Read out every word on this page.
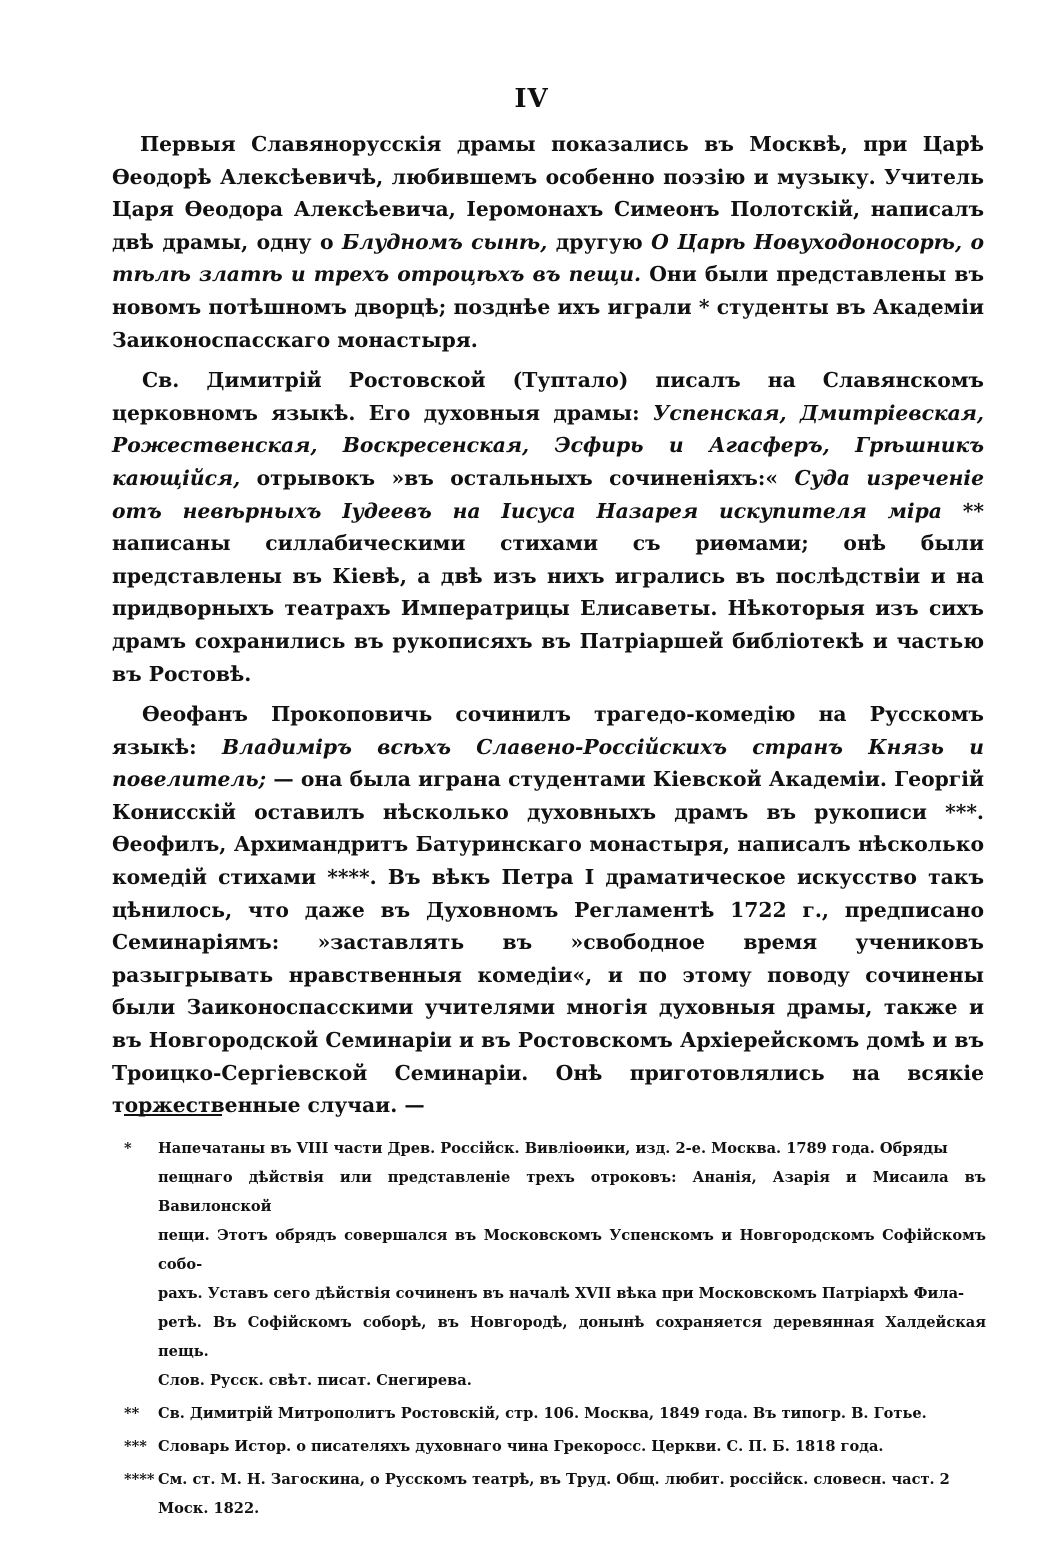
IV

Первыя Славянорусскія драмы показались въ Москвѣ, при Царѣ Ѳеодорѣ Алексѣевичѣ, любившемъ особенно поэзію и музыку. Учитель Царя Ѳеодора Алексѣевича, Іеромонахъ Симеонъ Полотскій, написалъ двѣ драмы, одну о Блудномъ сынѣ, другую О Царѣ Новуходоносорѣ, о тѣлѣ златѣ и трехъ отроцѣхъ въ пещи. Они были представлены въ новомъ потѣшномъ дворцѣ; позднѣе ихъ играли * студенты въ Академіи Заиконоспасскаго монастыря.

Св. Димитрій Ростовской (Туптало) писалъ на Славянскомъ церковномъ языкѣ. Его духовныя драмы: Успенская, Дмитріевская, Рожественская, Воскресенская, Эсфирь и Агасферъ, Грѣшникъ кающійся, отрывокъ »въ остальныхъ сочиненіяхъ:« Суда изреченіе отъ невѣрныхъ Іудеевъ на Іисуса Назарея искупителя міра ** написаны силлабическими стихами съ риѳмами; онѣ были представлены въ Кіевѣ, а двѣ изъ нихъ игрались въ послѣдствіи и на придворныхъ театрахъ Императрицы Елисаветы. Нѣкоторыя изъ сихъ драмъ сохранились въ рукописяхъ въ Патріаршей библіотекѣ и частью въ Ростовѣ.

Ѳеофанъ Прокоповичь сочинилъ трагедо-комедію на Русскомъ языкѣ: Владиміръ всѣхъ Славено-Россійскихъ странъ Князь и повелитель; — она была играна студентами Кіевской Академіи. Георгій Конисскій оставилъ нѣсколько духовныхъ драмъ въ рукописи ***. Ѳеофилъ, Архимандритъ Батуринскаго монастыря, написалъ нѣсколько комедій стихами ****. Въ вѣкъ Петра I драматическое искусство такъ цѣнилось, что даже въ Духовномъ Регламентѣ 1722 г., предписано Семинаріямъ: »заставлять въ »свободное время учениковъ разыгрывать нравственныя комедіи«, и по этому поводу сочинены были Заиконоспасскими учителями многія духовныя драмы, также и въ Новгородской Семинаріи и въ Ростовскомъ Архіерейскомъ домѣ и въ Троицко-Сергіевской Семинаріи. Онѣ приготовлялись на всякіе торжественные случаи. —

*	Напечатаны въ VIII части Древ. Россійск. Вивліоѳики, изд. 2-е. Москва. 1789 года. Обряды
пещнаго дѣйствія или представленіе трехъ отроковъ: Ананія, Азарія и Мисаила въ Вавилонской
пещи. Этотъ обрядъ совершался въ Московскомъ Успенскомъ и Новгородскомъ Софійскомъ собо-
рахъ. Уставъ сего дѣйствія сочиненъ въ началѣ XVII вѣка при Московскомъ Патріархѣ Фила-
ретѣ. Въ Софійскомъ соборѣ, въ Новгородѣ, донынѣ сохраняется деревянная Халдейская пещь.
Слов. Русск. свѣт. писат. Снегирева.
**	Св. Димитрій Митрополитъ Ростовскій, стр. 106. Москва, 1849 года. Въ типогр. В. Готье.
*** Словарь Истор. о писателяхъ духовнаго чина Грекоросс. Церкви. С. П. Б. 1818 года.
**** См. ст. М. Н. Загоскина, о Русскомъ театрѣ, въ Труд. Общ. любит. россійск. словесн. част. 2
Моск. 1822.
